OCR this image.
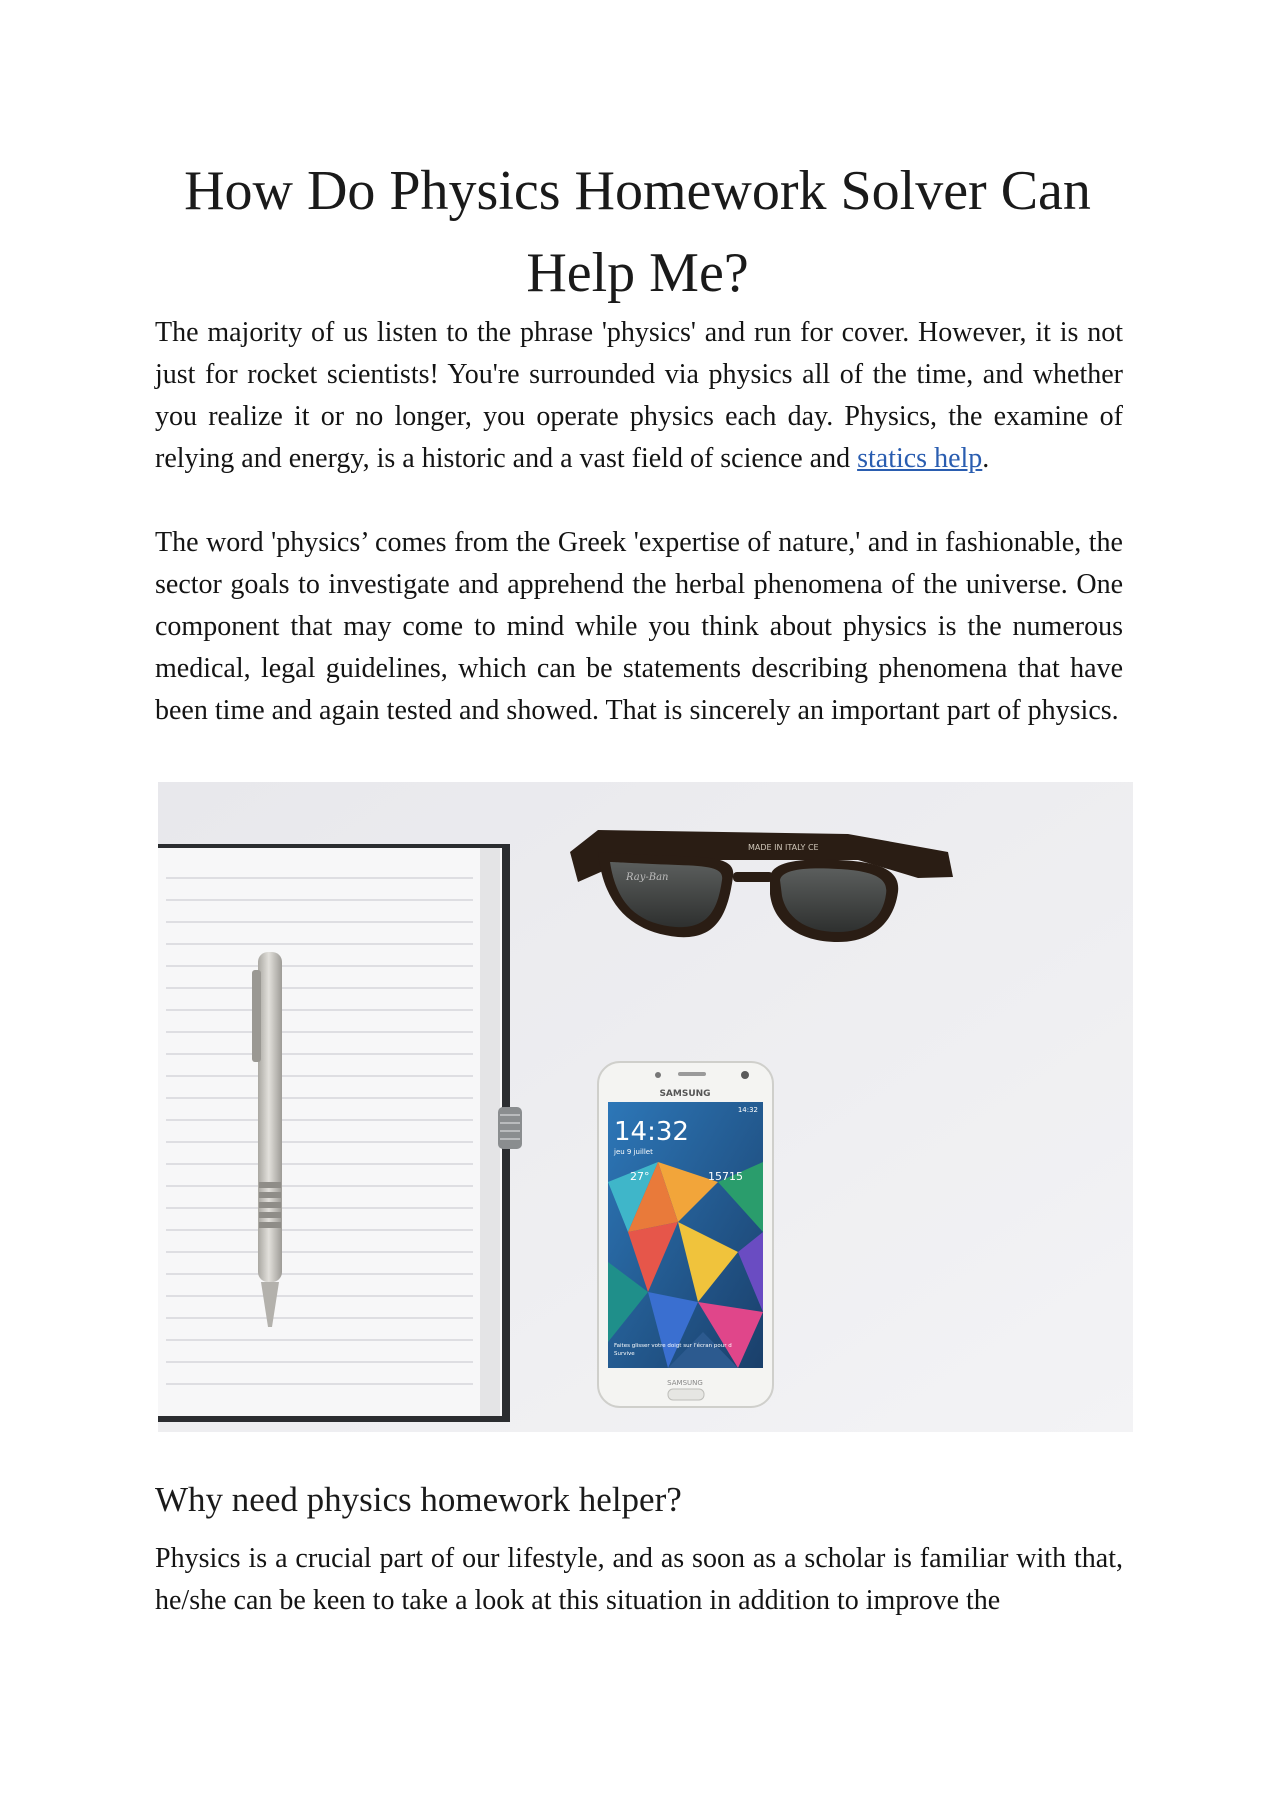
How Do Physics Homework Solver Can Help Me?

The majority of us listen to the phrase 'physics' and run for cover. However, it is not just for rocket scientists! You're surrounded via physics all of the time, and whether you realize it or no longer, you operate physics each day. Physics, the examine of relying and energy, is a historic and a vast field of science and statics help.

The word 'physics’ comes from the Greek 'expertise of nature,' and in fashionable, the sector goals to investigate and apprehend the herbal phenomena of the universe. One component that may come to mind while you think about physics is the numerous medical, legal guidelines, which can be statements describing phenomena that have been time and again tested and showed. That is sincerely an important part of physics.

Ray-Ban
MADE IN ITALY CE
SAMSUNG
14:32
14:32
jeu 9 juillet
27°	15715
Faites glisser votre doigt sur l'écran pour d
Survive
SAMSUNG
Why need physics homework helper?

Physics is a crucial part of our lifestyle, and as soon as a scholar is familiar with that, he/she can be keen to take a look at this situation in addition to improve the
